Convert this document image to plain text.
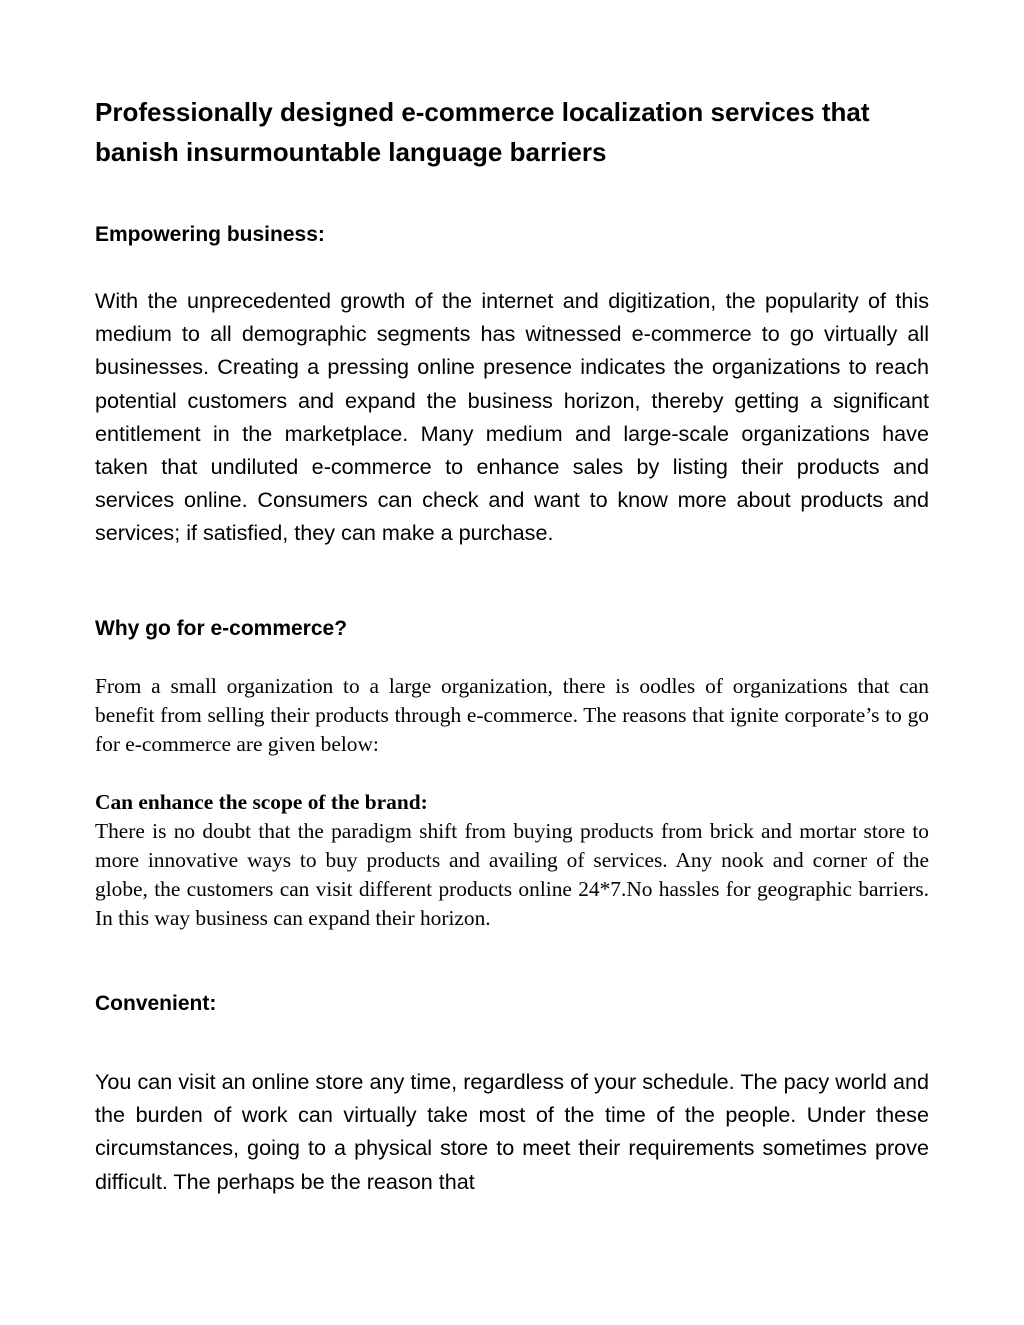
Professionally designed e-commerce localization services that banish insurmountable language barriers
Empowering business:

With the unprecedented growth of the internet and digitization, the popularity of this medium to all demographic segments has witnessed e-commerce to go virtually all businesses. Creating a pressing online presence indicates the organizations to reach potential customers and expand the business horizon, thereby getting a significant entitlement in the marketplace. Many medium and large-scale organizations have taken that undiluted e-commerce to enhance sales by listing their products and services online. Consumers can check and want to know more about products and services; if satisfied, they can make a purchase.

Why go for e-commerce?

From a small organization to a large organization, there is oodles of organizations that can benefit from selling their products through e-commerce. The reasons that ignite corporate’s to go for e-commerce are given below:

Can enhance the scope of the brand:
There is no doubt that the paradigm shift from buying products from brick and mortar store to more innovative ways to buy products and availing of services. Any nook and corner of the globe, the customers can visit different products online 24*7.No hassles for geographic barriers. In this way business can expand their horizon.
Convenient:

You can visit an online store any time, regardless of your schedule. The pacy world and the burden of work can virtually take most of the time of the people. Under these circumstances, going to a physical store to meet their requirements sometimes prove difficult. The perhaps be the reason that
